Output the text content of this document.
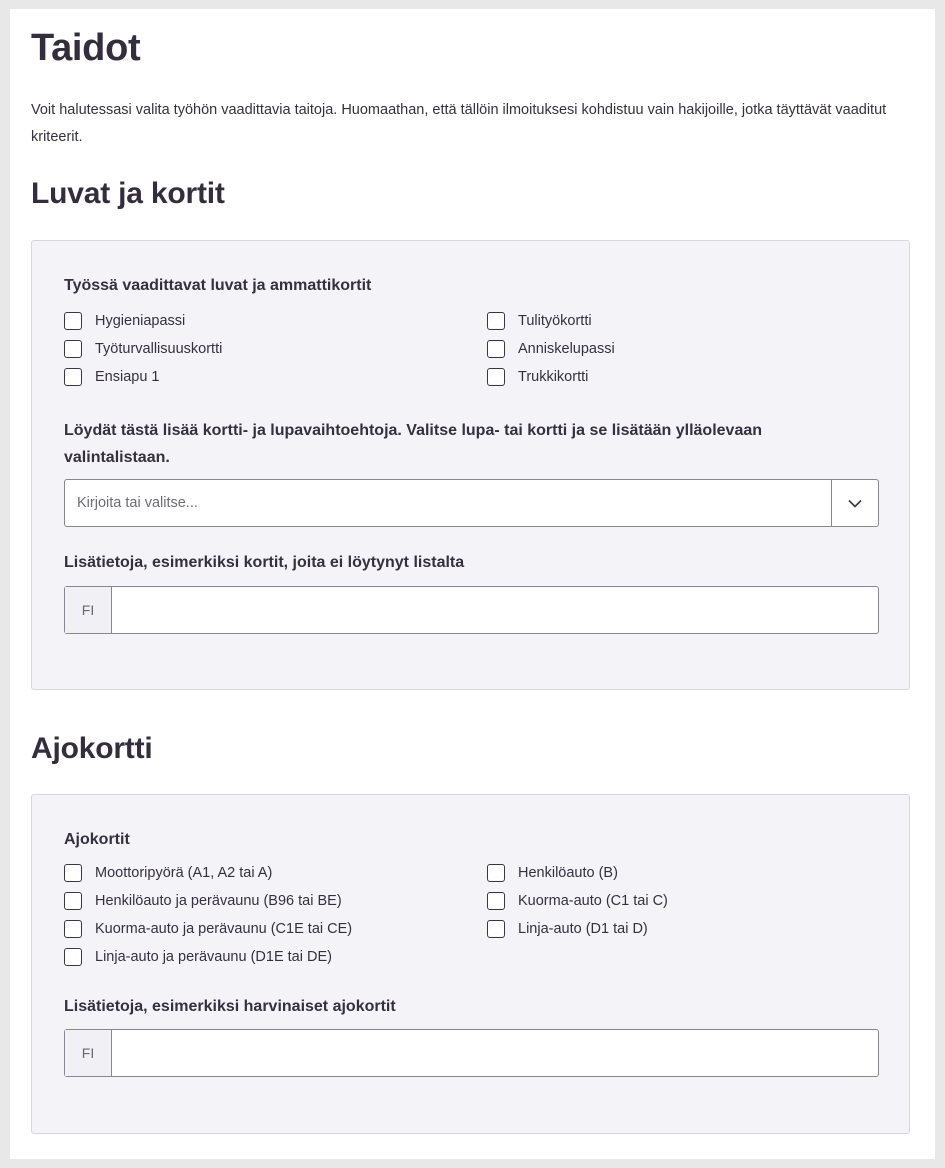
Taidot

Voit halutessasi valita työhön vaadittavia taitoja. Huomaathan, että tällöin ilmoituksesi kohdistuu vain hakijoille, jotka täyttävät vaaditut kriteerit.

Luvat ja kortit

Työssä vaadittavat luvat ja ammattikortit

Hygieniapassi	Tulityökortti
Työturvallisuuskortti	Anniskelupassi
Ensiapu 1	Trukkikortti

Löydät tästä lisää kortti- ja lupavaihtoehtoja. Valitse lupa- tai kortti ja se lisätään ylläolevaan valintalistaan.

Kirjoita tai valitse...

Lisätietoja, esimerkiksi kortit, joita ei löytynyt listalta

FI
Ajokortti

Ajokortit

Moottoripyörä (A1, A2 tai A)	Henkilöauto (B)
Henkilöauto ja perävaunu (B96 tai BE)	Kuorma-auto (C1 tai C)
Kuorma-auto ja perävaunu (C1E tai CE)	Linja-auto (D1 tai D)
Linja-auto ja perävaunu (D1E tai DE)

Lisätietoja, esimerkiksi harvinaiset ajokortit

FI
